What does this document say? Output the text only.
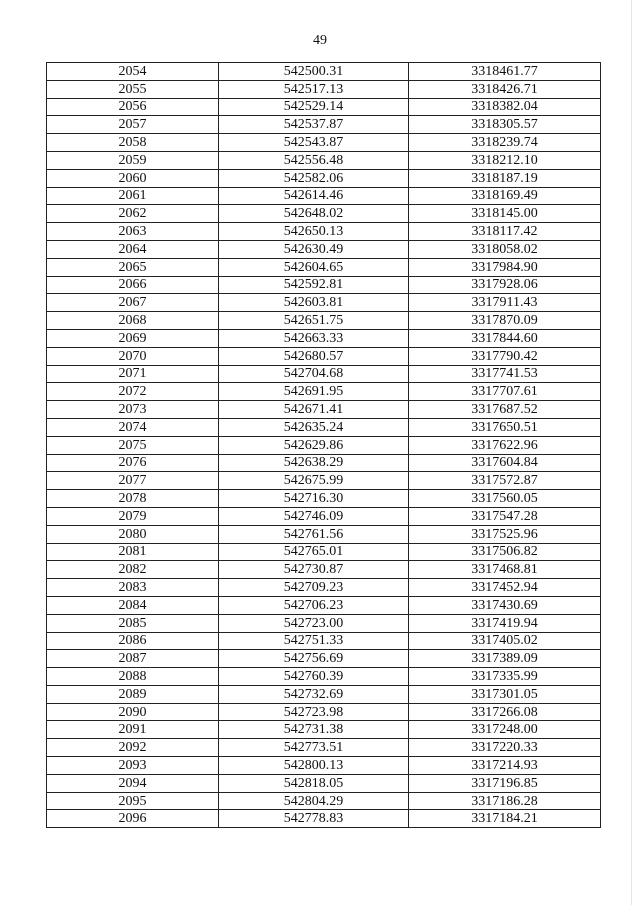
49
2054	542500.31	3318461.77
2055	542517.13	3318426.71
2056	542529.14	3318382.04
2057	542537.87	3318305.57
2058	542543.87	3318239.74
2059	542556.48	3318212.10
2060	542582.06	3318187.19
2061	542614.46	3318169.49
2062	542648.02	3318145.00
2063	542650.13	3318117.42
2064	542630.49	3318058.02
2065	542604.65	3317984.90
2066	542592.81	3317928.06
2067	542603.81	3317911.43
2068	542651.75	3317870.09
2069	542663.33	3317844.60
2070	542680.57	3317790.42
2071	542704.68	3317741.53
2072	542691.95	3317707.61
2073	542671.41	3317687.52
2074	542635.24	3317650.51
2075	542629.86	3317622.96
2076	542638.29	3317604.84
2077	542675.99	3317572.87
2078	542716.30	3317560.05
2079	542746.09	3317547.28
2080	542761.56	3317525.96
2081	542765.01	3317506.82
2082	542730.87	3317468.81
2083	542709.23	3317452.94
2084	542706.23	3317430.69
2085	542723.00	3317419.94
2086	542751.33	3317405.02
2087	542756.69	3317389.09
2088	542760.39	3317335.99
2089	542732.69	3317301.05
2090	542723.98	3317266.08
2091	542731.38	3317248.00
2092	542773.51	3317220.33
2093	542800.13	3317214.93
2094	542818.05	3317196.85
2095	542804.29	3317186.28
2096	542778.83	3317184.21
